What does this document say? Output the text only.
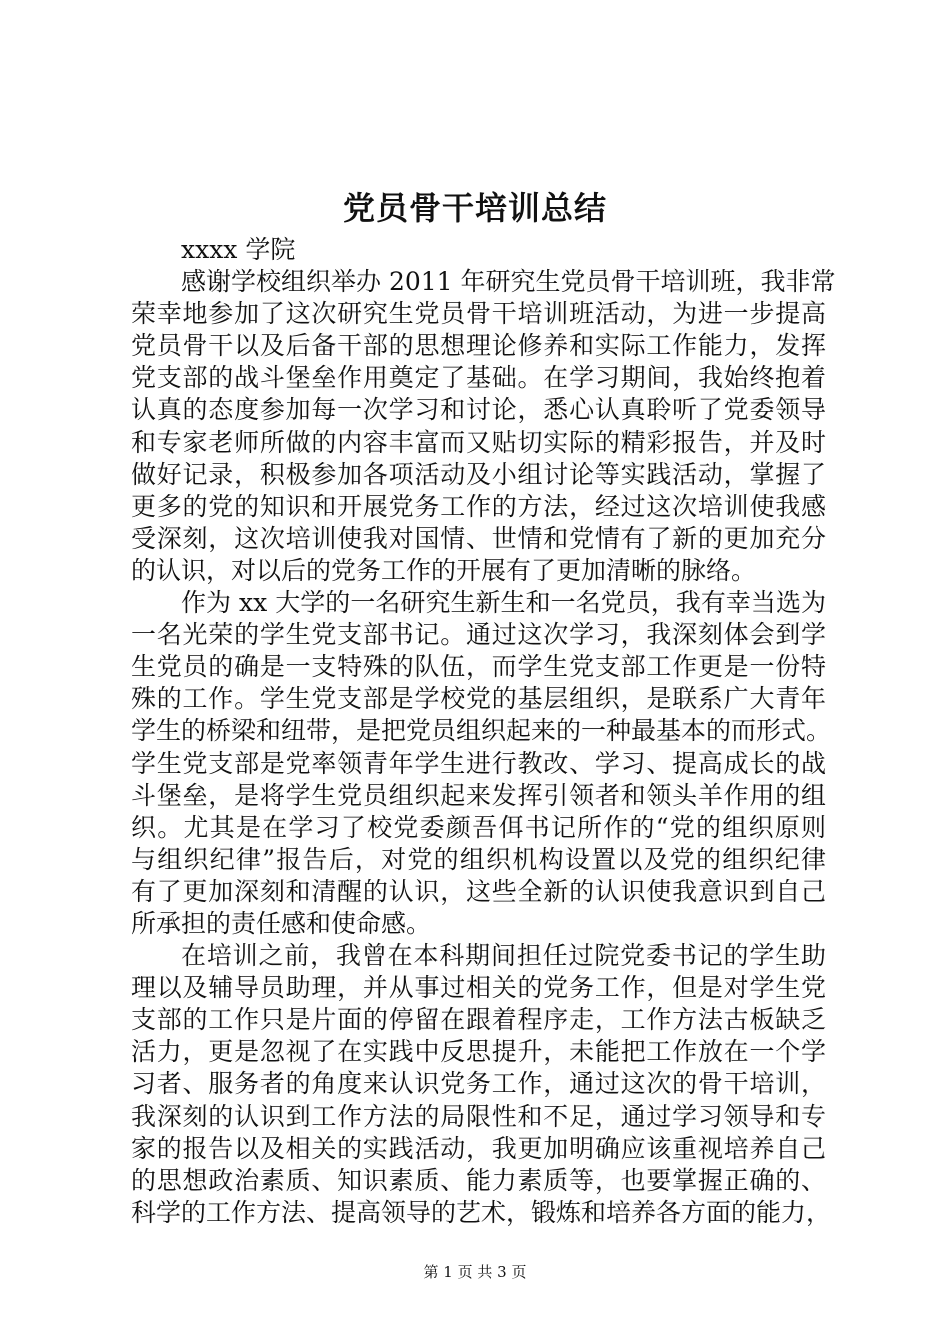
党员骨干培训总结
xxxx 学院
感谢学校组织举办 2011 年研究生党员骨干培训班，我非常
荣幸地参加了这次研究生党员骨干培训班活动，为进一步提高
党员骨干以及后备干部的思想理论修养和实际工作能力，发挥
党支部的战斗堡垒作用奠定了基础。在学习期间，我始终抱着
认真的态度参加每一次学习和讨论，悉心认真聆听了党委领导
和专家老师所做的内容丰富而又贴切实际的精彩报告，并及时
做好记录，积极参加各项活动及小组讨论等实践活动，掌握了
更多的党的知识和开展党务工作的方法，经过这次培训使我感
受深刻，这次培训使我对国情、世情和党情有了新的更加充分
的认识，对以后的党务工作的开展有了更加清晰的脉络。
作为 xx 大学的一名研究生新生和一名党员，我有幸当选为
一名光荣的学生党支部书记。通过这次学习，我深刻体会到学
生党员的确是一支特殊的队伍，而学生党支部工作更是一份特
殊的工作。学生党支部是学校党的基层组织，是联系广大青年
学生的桥梁和纽带，是把党员组织起来的一种最基本的而形式。
学生党支部是党率领青年学生进行教改、学习、提高成长的战
斗堡垒，是将学生党员组织起来发挥引领者和领头羊作用的组
织。尤其是在学习了校党委颜吾佴书记所作的“党的组织原则
与组织纪律”报告后，对党的组织机构设置以及党的组织纪律
有了更加深刻和清醒的认识，这些全新的认识使我意识到自己
所承担的责任感和使命感。
在培训之前，我曾在本科期间担任过院党委书记的学生助
理以及辅导员助理，并从事过相关的党务工作，但是对学生党
支部的工作只是片面的停留在跟着程序走，工作方法古板缺乏
活力，更是忽视了在实践中反思提升，未能把工作放在一个学
习者、服务者的角度来认识党务工作，通过这次的骨干培训，
我深刻的认识到工作方法的局限性和不足，通过学习领导和专
家的报告以及相关的实践活动，我更加明确应该重视培养自己
的思想政治素质、知识素质、能力素质等，也要掌握正确的、
科学的工作方法、提高领导的艺术，锻炼和培养各方面的能力，
第 1 页 共 3 页
